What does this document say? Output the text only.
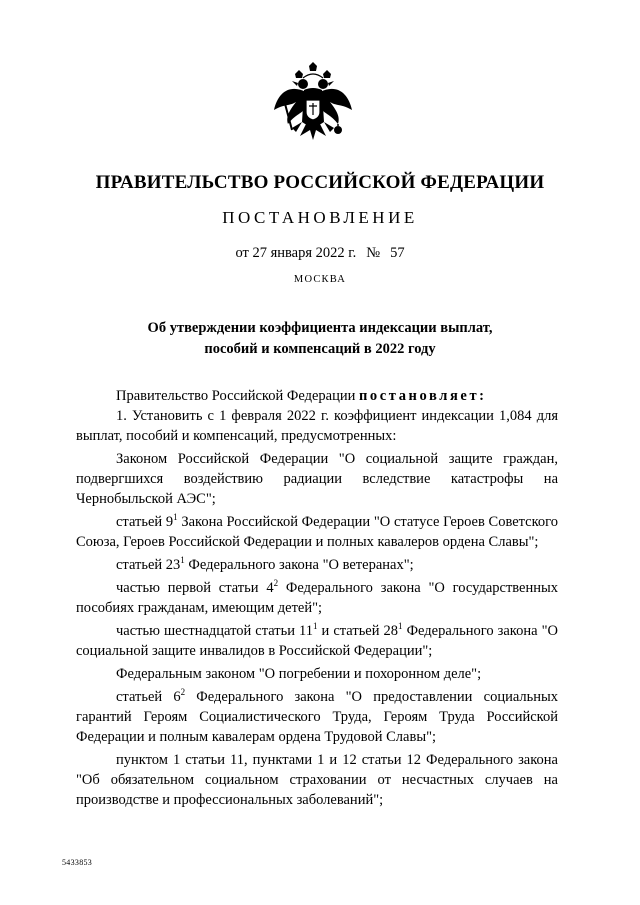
ПРАВИТЕЛЬСТВО РОССИЙСКОЙ ФЕДЕРАЦИИ
ПОСТАНОВЛЕНИЕ
от 27 января 2022 г. № 57
МОСКВА
Об утверждении коэффициента индексации выплат,
пособий и компенсаций в 2022 году

Правительство Российской Федерации постановляет:

1. Установить с 1 февраля 2022 г. коэффициент индексации 1,084 для выплат, пособий и компенсаций, предусмотренных:

Законом Российской Федерации "О социальной защите граждан, подвергшихся воздействию радиации вследствие катастрофы на Чернобыльской АЭС";

статьей $9^1$ Закона Российской Федерации "О статусе Героев Советского Союза, Героев Российской Федерации и полных кавалеров ордена Славы";

статьей $23^1$ Федерального закона "О ветеранах";

частью первой статьи $4^2$ Федерального закона "О государственных пособиях гражданам, имеющим детей";

частью шестнадцатой статьи $11^1$ и статьей $28^1$ Федерального закона "О социальной защите инвалидов в Российской Федерации";

Федеральным законом "О погребении и похоронном деле";

статьей $6^2$ Федерального закона "О предоставлении социальных гарантий Героям Социалистического Труда, Героям Труда Российской Федерации и полным кавалерам ордена Трудовой Славы";

пунктом 1 статьи 11, пунктами 1 и 12 статьи 12 Федерального закона "Об обязательном социальном страховании от несчастных случаев на производстве и профессиональных заболеваний";

5433853
